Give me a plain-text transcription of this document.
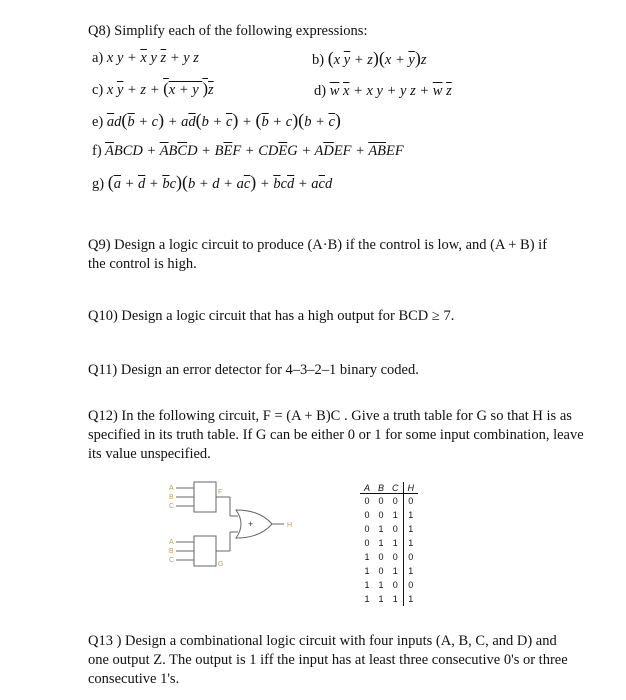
Q8) Simplify each of the following expressions:
a) x $y + \overline{x}$ y $\overline{z} + y$ z	b) (x $\overline{y} + z)(x + \overline{y})z$
c) x $\overline{y} + z + (x + y$ )$\overline{z}$	d) $\overline{w}$ $\overline{x} + x$ y + y $z + \overline{w}$ $\overline{z}$
e) $\overline{a}d(\overline{b} + c) + a\overline{d}(b + \overline{c}) + (\overline{b} + c)(b + \overline{c})$
f) $\overline{A}BCD + \overline{A}B\overline{C}D + B\overline{E}F + CD\overline{E}G + A\overline{D}EF + \overline{A}\overline{B}EF$
g) $(\overline{a} + \overline{d} + \overline{b}c)(b + d + a\overline{c}) + \overline{b}c\overline{d} + a\overline{c}d$
Q9) Design a logic circuit to produce (A·B) if the control is low, and (A + B) if the control is high.
Q10) Design a logic circuit that has a high output for BCD ≥ 7.
Q11) Design an error detector for 4–3–2–1 binary coded.
Q12) In the following circuit, F = (A + B)C . Give a truth table for G so that H is as specified in its truth table. If G can be either 0 or 1 for some input combination, leave its value unspecified.
+
A
B
C
A
B
C
F
G
H
A	B	C	H
0	0	0	0
0	0	1	1
0	1	0	1
0	1	1	1
1	0	0	0
1	0	1	1
1	1	0	0
1	1	1	1
Q13 ) Design a combinational logic circuit with four inputs (A, B, C, and D) and one output Z. The output is 1 iff the input has at least three consecutive 0's or three consecutive 1's.
